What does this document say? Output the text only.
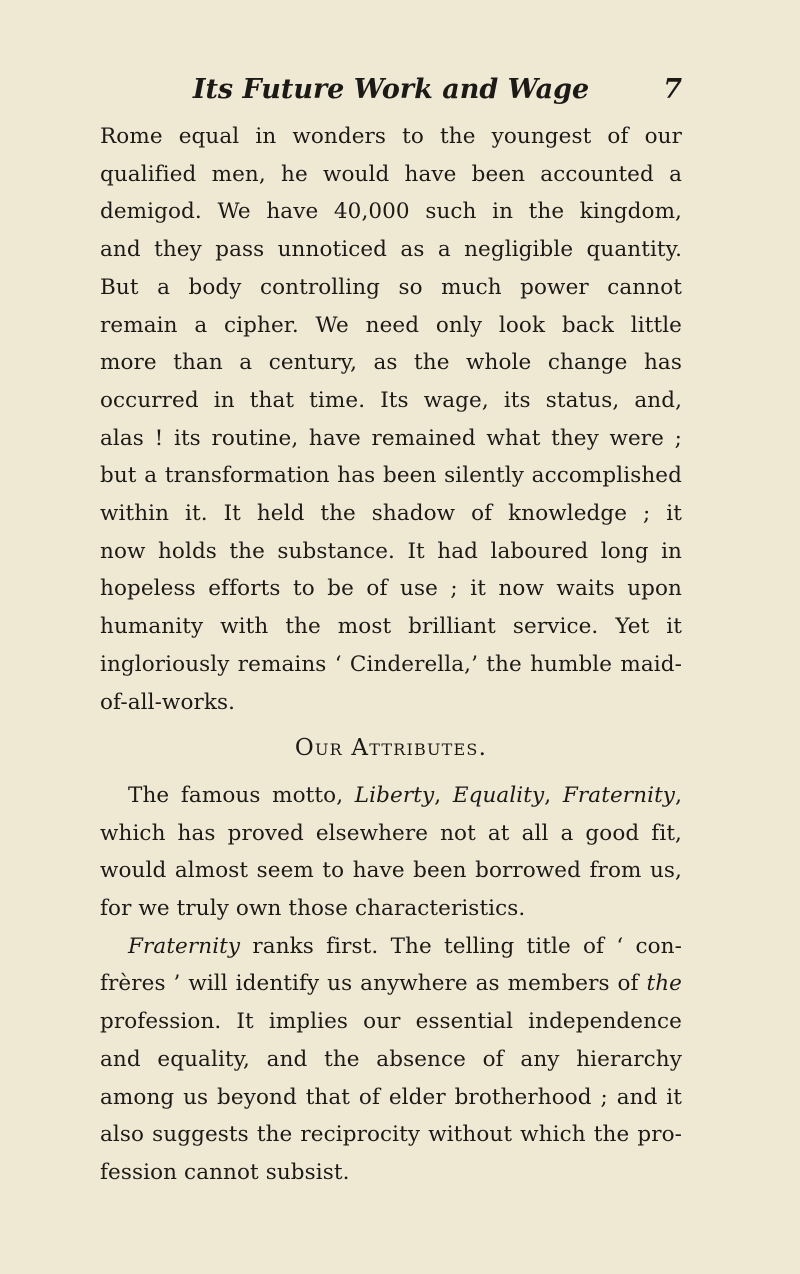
Its Future Work and Wage	7

Rome equal in wonders to the youngest of our
qualified men, he would have been accounted a
demigod. We have 40,000 such in the kingdom,
and they pass unnoticed as a negligible quantity.
But a body controlling so much power cannot
remain a cipher. We need only look back little
more than a century, as the whole change has
occurred in that time. Its wage, its status, and,
alas ! its routine, have remained what they were ;
but a transformation has been silently accomplished
within it. It held the shadow of knowledge ; it
now holds the substance. It had laboured long in
hopeless efforts to be of use ; it now waits upon
humanity with the most brilliant service. Yet it
ingloriously remains ‘ Cinderella,’ the humble maid-
of-all-works.

Our Attributes.

The famous motto, Liberty, Equality, Fraternity,
which has proved elsewhere not at all a good fit,
would almost seem to have been borrowed from us,
for we truly own those characteristics.

Fraternity ranks first. The telling title of ‘ con-
frères ’ will identify us anywhere as members of the
profession. It implies our essential independence
and equality, and the absence of any hierarchy
among us beyond that of elder brotherhood ; and it
also suggests the reciprocity without which the pro-
fession cannot subsist.
